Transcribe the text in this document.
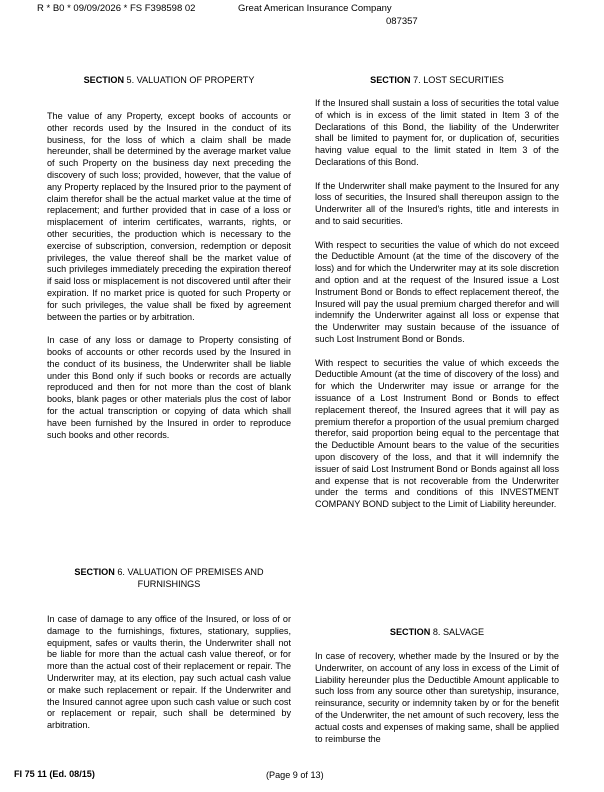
R * B0 * 09/09/2026 * FS F398598 02	Great American Insurance Company
087357
SECTION 5. VALUATION OF PROPERTY

The value of any Property, except books of accounts or other records used by the Insured in the conduct of its business, for the loss of which a claim shall be made hereunder, shall be determined by the average market value of such Property on the business day next preceding the discovery of such loss; provided, however, that the value of any Property replaced by the Insured prior to the payment of claim therefor shall be the actual market value at the time of replacement; and further provided that in case of a loss or misplacement of interim certificates, warrants, rights, or other securities, the production which is necessary to the exercise of subscription, conversion, redemption or deposit privileges, the value thereof shall be the market value of such privileges immediately preceding the expiration thereof if said loss or misplacement is not discovered until after their expiration. If no market price is quoted for such Property or for such privileges, the value shall be fixed by agreement between the parties or by arbitration.

In case of any loss or damage to Property consisting of books of accounts or other records used by the Insured in the conduct of its business, the Underwriter shall be liable under this Bond only if such books or records are actually reproduced and then for not more than the cost of blank books, blank pages or other materials plus the cost of labor for the actual transcription or copying of data which shall have been furnished by the Insured in order to reproduce such books and other records.

SECTION 6. VALUATION OF PREMISES AND
FURNISHINGS

In case of damage to any office of the Insured, or loss of or damage to the furnishings, fixtures, stationary, supplies, equipment, safes or vaults therin, the Underwriter shall not be liable for more than the actual cash value thereof, or for more than the actual cost of their replacement or repair. The Underwriter may, at its election, pay such actual cash value or make such replacement or repair. If the Underwriter and the Insured cannot agree upon such cash value or such cost or replacement or repair, such shall be determined by arbitration.

SECTION 7. LOST SECURITIES

If the Insured shall sustain a loss of securities the total value of which is in excess of the limit stated in Item 3 of the Declarations of this Bond, the liability of the Underwriter shall be limited to payment for, or duplication of, securities having value equal to the limit stated in Item 3 of the Declarations of this Bond.

If the Underwriter shall make payment to the Insured for any loss of securities, the Insured shall thereupon assign to the Underwriter all of the Insured's rights, title and interests in and to said securities.

With respect to securities the value of which do not exceed the Deductible Amount (at the time of the discovery of the loss) and for which the Underwriter may at its sole discretion and option and at the request of the Insured issue a Lost Instrument Bond or Bonds to effect replacement thereof, the Insured will pay the usual premium charged therefor and will indemnify the Underwriter against all loss or expense that the Underwriter may sustain because of the issuance of such Lost Instrument Bond or Bonds.

With respect to securities the value of which exceeds the Deductible Amount (at the time of discovery of the loss) and for which the Underwriter may issue or arrange for the issuance of a Lost Instrument Bond or Bonds to effect replacement thereof, the Insured agrees that it will pay as premium therefor a proportion of the usual premium charged therefor, said proportion being equal to the percentage that the Deductible Amount bears to the value of the securities upon discovery of the loss, and that it will indemnify the issuer of said Lost Instrument Bond or Bonds against all loss and expense that is not recoverable from the Underwriter under the terms and conditions of this INVESTMENT COMPANY BOND subject to the Limit of Liability hereunder.

SECTION 8. SALVAGE

In case of recovery, whether made by the Insured or by the Underwriter, on account of any loss in excess of the Limit of Liability hereunder plus the Deductible Amount applicable to such loss from any source other than suretyship, insurance, reinsurance, security or indemnity taken by or for the benefit of the Underwriter, the net amount of such recovery, less the actual costs and expenses of making same, shall be applied to reimburse the

FI 75 11 (Ed. 08/15)	(Page 9 of 13)
